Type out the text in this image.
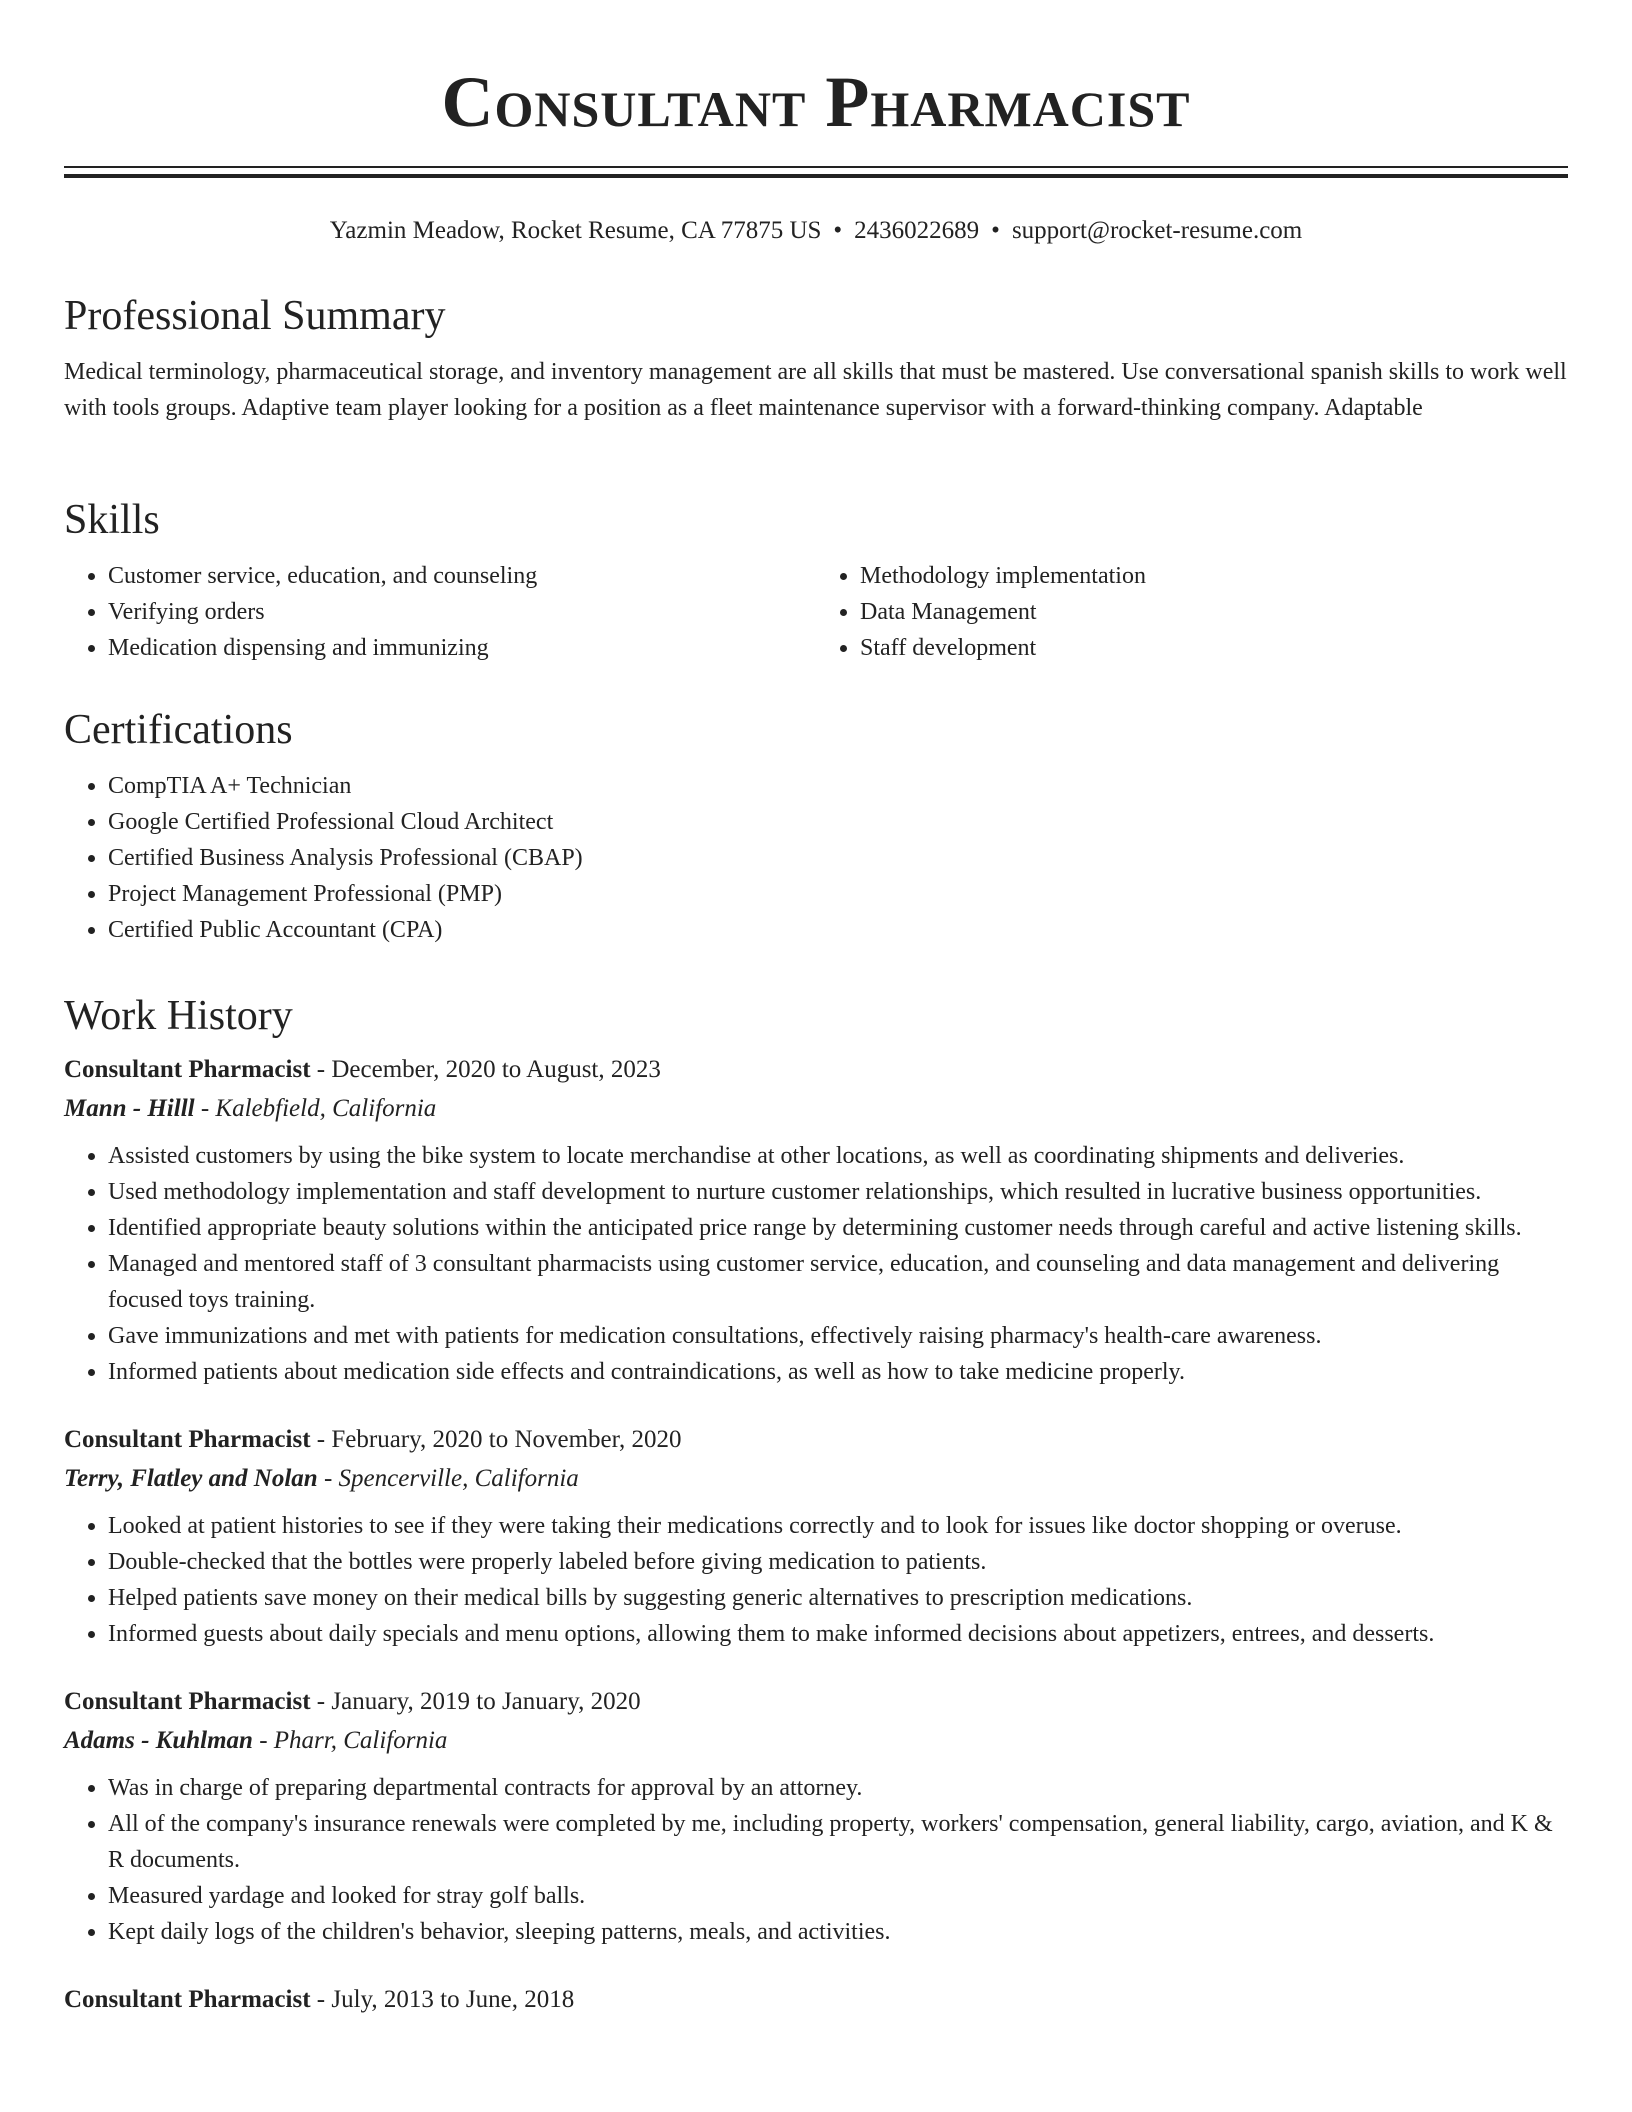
Consultant Pharmacist
Yazmin Meadow, Rocket Resume, CA 77875 US • 2436022689 • support@rocket-resume.com
Professional Summary

Medical terminology, pharmaceutical storage, and inventory management are all skills that must be mastered. Use conversational spanish skills to work well with tools groups. Adaptive team player looking for a position as a fleet maintenance supervisor with a forward-thinking company. Adaptable

Skills
• Customer service, education, and counseling
• Verifying orders
• Medication dispensing and immunizing
• Methodology implementation
• Data Management
• Staff development
Certifications
• CompTIA A+ Technician
• Google Certified Professional Cloud Architect
• Certified Business Analysis Professional (CBAP)
• Project Management Professional (PMP)
• Certified Public Accountant (CPA)
Work History
Consultant Pharmacist - December, 2020 to August, 2023
Mann - Hilll - Kalebfield, California
• Assisted customers by using the bike system to locate merchandise at other locations, as well as coordinating shipments and deliveries.
• Used methodology implementation and staff development to nurture customer relationships, which resulted in lucrative business opportunities.
• Identified appropriate beauty solutions within the anticipated price range by determining customer needs through careful and active listening skills.
• Managed and mentored staff of 3 consultant pharmacists using customer service, education, and counseling and data management and delivering focused toys training.
• Gave immunizations and met with patients for medication consultations, effectively raising pharmacy's health-care awareness.
• Informed patients about medication side effects and contraindications, as well as how to take medicine properly.
Consultant Pharmacist - February, 2020 to November, 2020
Terry, Flatley and Nolan - Spencerville, California
• Looked at patient histories to see if they were taking their medications correctly and to look for issues like doctor shopping or overuse.
• Double-checked that the bottles were properly labeled before giving medication to patients.
• Helped patients save money on their medical bills by suggesting generic alternatives to prescription medications.
• Informed guests about daily specials and menu options, allowing them to make informed decisions about appetizers, entrees, and desserts.
Consultant Pharmacist - January, 2019 to January, 2020
Adams - Kuhlman - Pharr, California
• Was in charge of preparing departmental contracts for approval by an attorney.
• All of the company's insurance renewals were completed by me, including property, workers' compensation, general liability, cargo, aviation, and K & R documents.
• Measured yardage and looked for stray golf balls.
• Kept daily logs of the children's behavior, sleeping patterns, meals, and activities.
Consultant Pharmacist - July, 2013 to June, 2018
